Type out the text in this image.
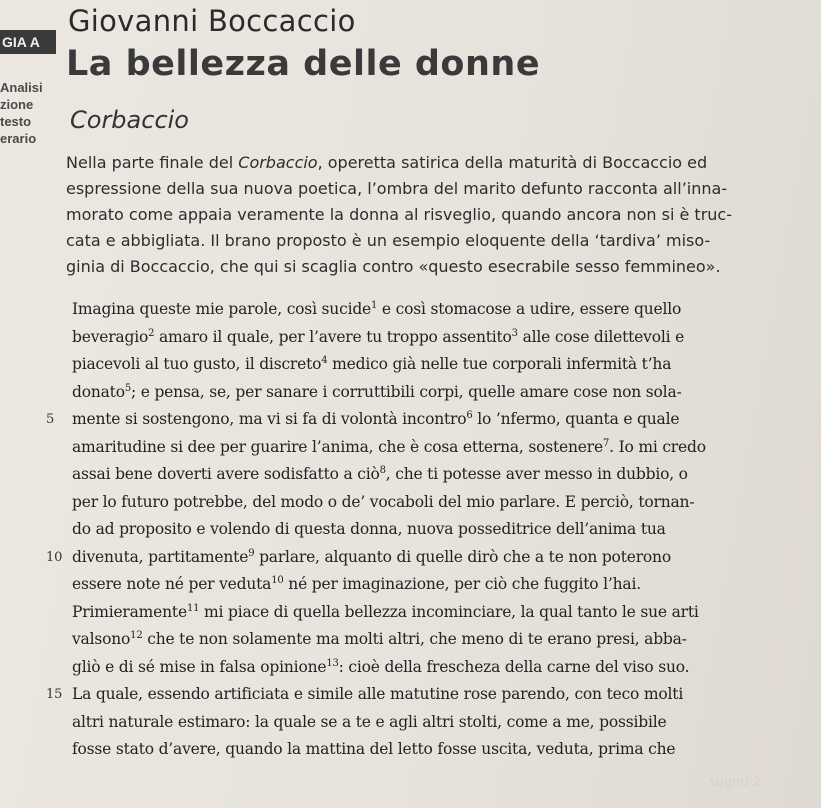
GIA A
Analisi
zione
testo
erario
Giovanni Boccaccio
La bellezza delle donne
Corbaccio
Nella parte finale del Corbaccio, operetta satirica della maturità di Boccaccio ed
espressione della sua nuova poetica, l’ombra del marito defunto racconta all’inna-
morato come appaia veramente la donna al risveglio, quando ancora non si è truc-
cata e abbigliata. Il brano proposto è un esempio eloquente della ‘tardiva’ miso-
ginia di Boccaccio, che qui si scaglia contro «questo esecrabile sesso femmineo».
Imagina queste mie parole, così sucide$^1$ e così stomacose a udire, essere quello
beveragio$^2$ amaro il quale, per l’avere tu troppo assentito$^3$ alle cose dilettevoli e
piacevoli al tuo gusto, il discreto$^4$ medico già nelle tue corporali infermità t’ha
donato$^5$; e pensa, se, per sanare i corruttibili corpi, quelle amare cose non sola-
5 mente si sostengono, ma vi si fa di volontà incontro$^6$ lo ’nfermo, quanta e quale
amaritudine si dee per guarire l’anima, che è cosa etterna, sostenere$^7$. Io mi credo
assai bene doverti avere sodisfatto a ciò$^8$, che ti potesse aver messo in dubbio, o
per lo futuro potrebbe, del modo o de’ vocaboli del mio parlare. E perciò, tornan-
do ad proposito e volendo di questa donna, nuova posseditrice dell’anima tua
10 divenuta, partitamente$^9$ parlare, alquanto di quelle dirò che a te non poterono
essere note né per veduta$^{10}$ né per imaginazione, per ciò che fuggito l’hai.
Primieramente$^{11}$ mi piace di quella bellezza incominciare, la qual tanto le sue arti
valsono$^{12}$ che te non solamente ma molti altri, che meno di te erano presi, abba-
gliò e di sé mise in falsa opinione$^{13}$: cioè della frescheza della carne del viso suo.
15 La quale, essendo artificiata e simile alle matutine rose parendo, con teco molti
altri naturale estimaro: la quale se a te e agli altri stolti, come a me, possibile
fosse stato d’avere, quando la mattina del letto fosse uscita, veduta, prima che
sugnu 2
